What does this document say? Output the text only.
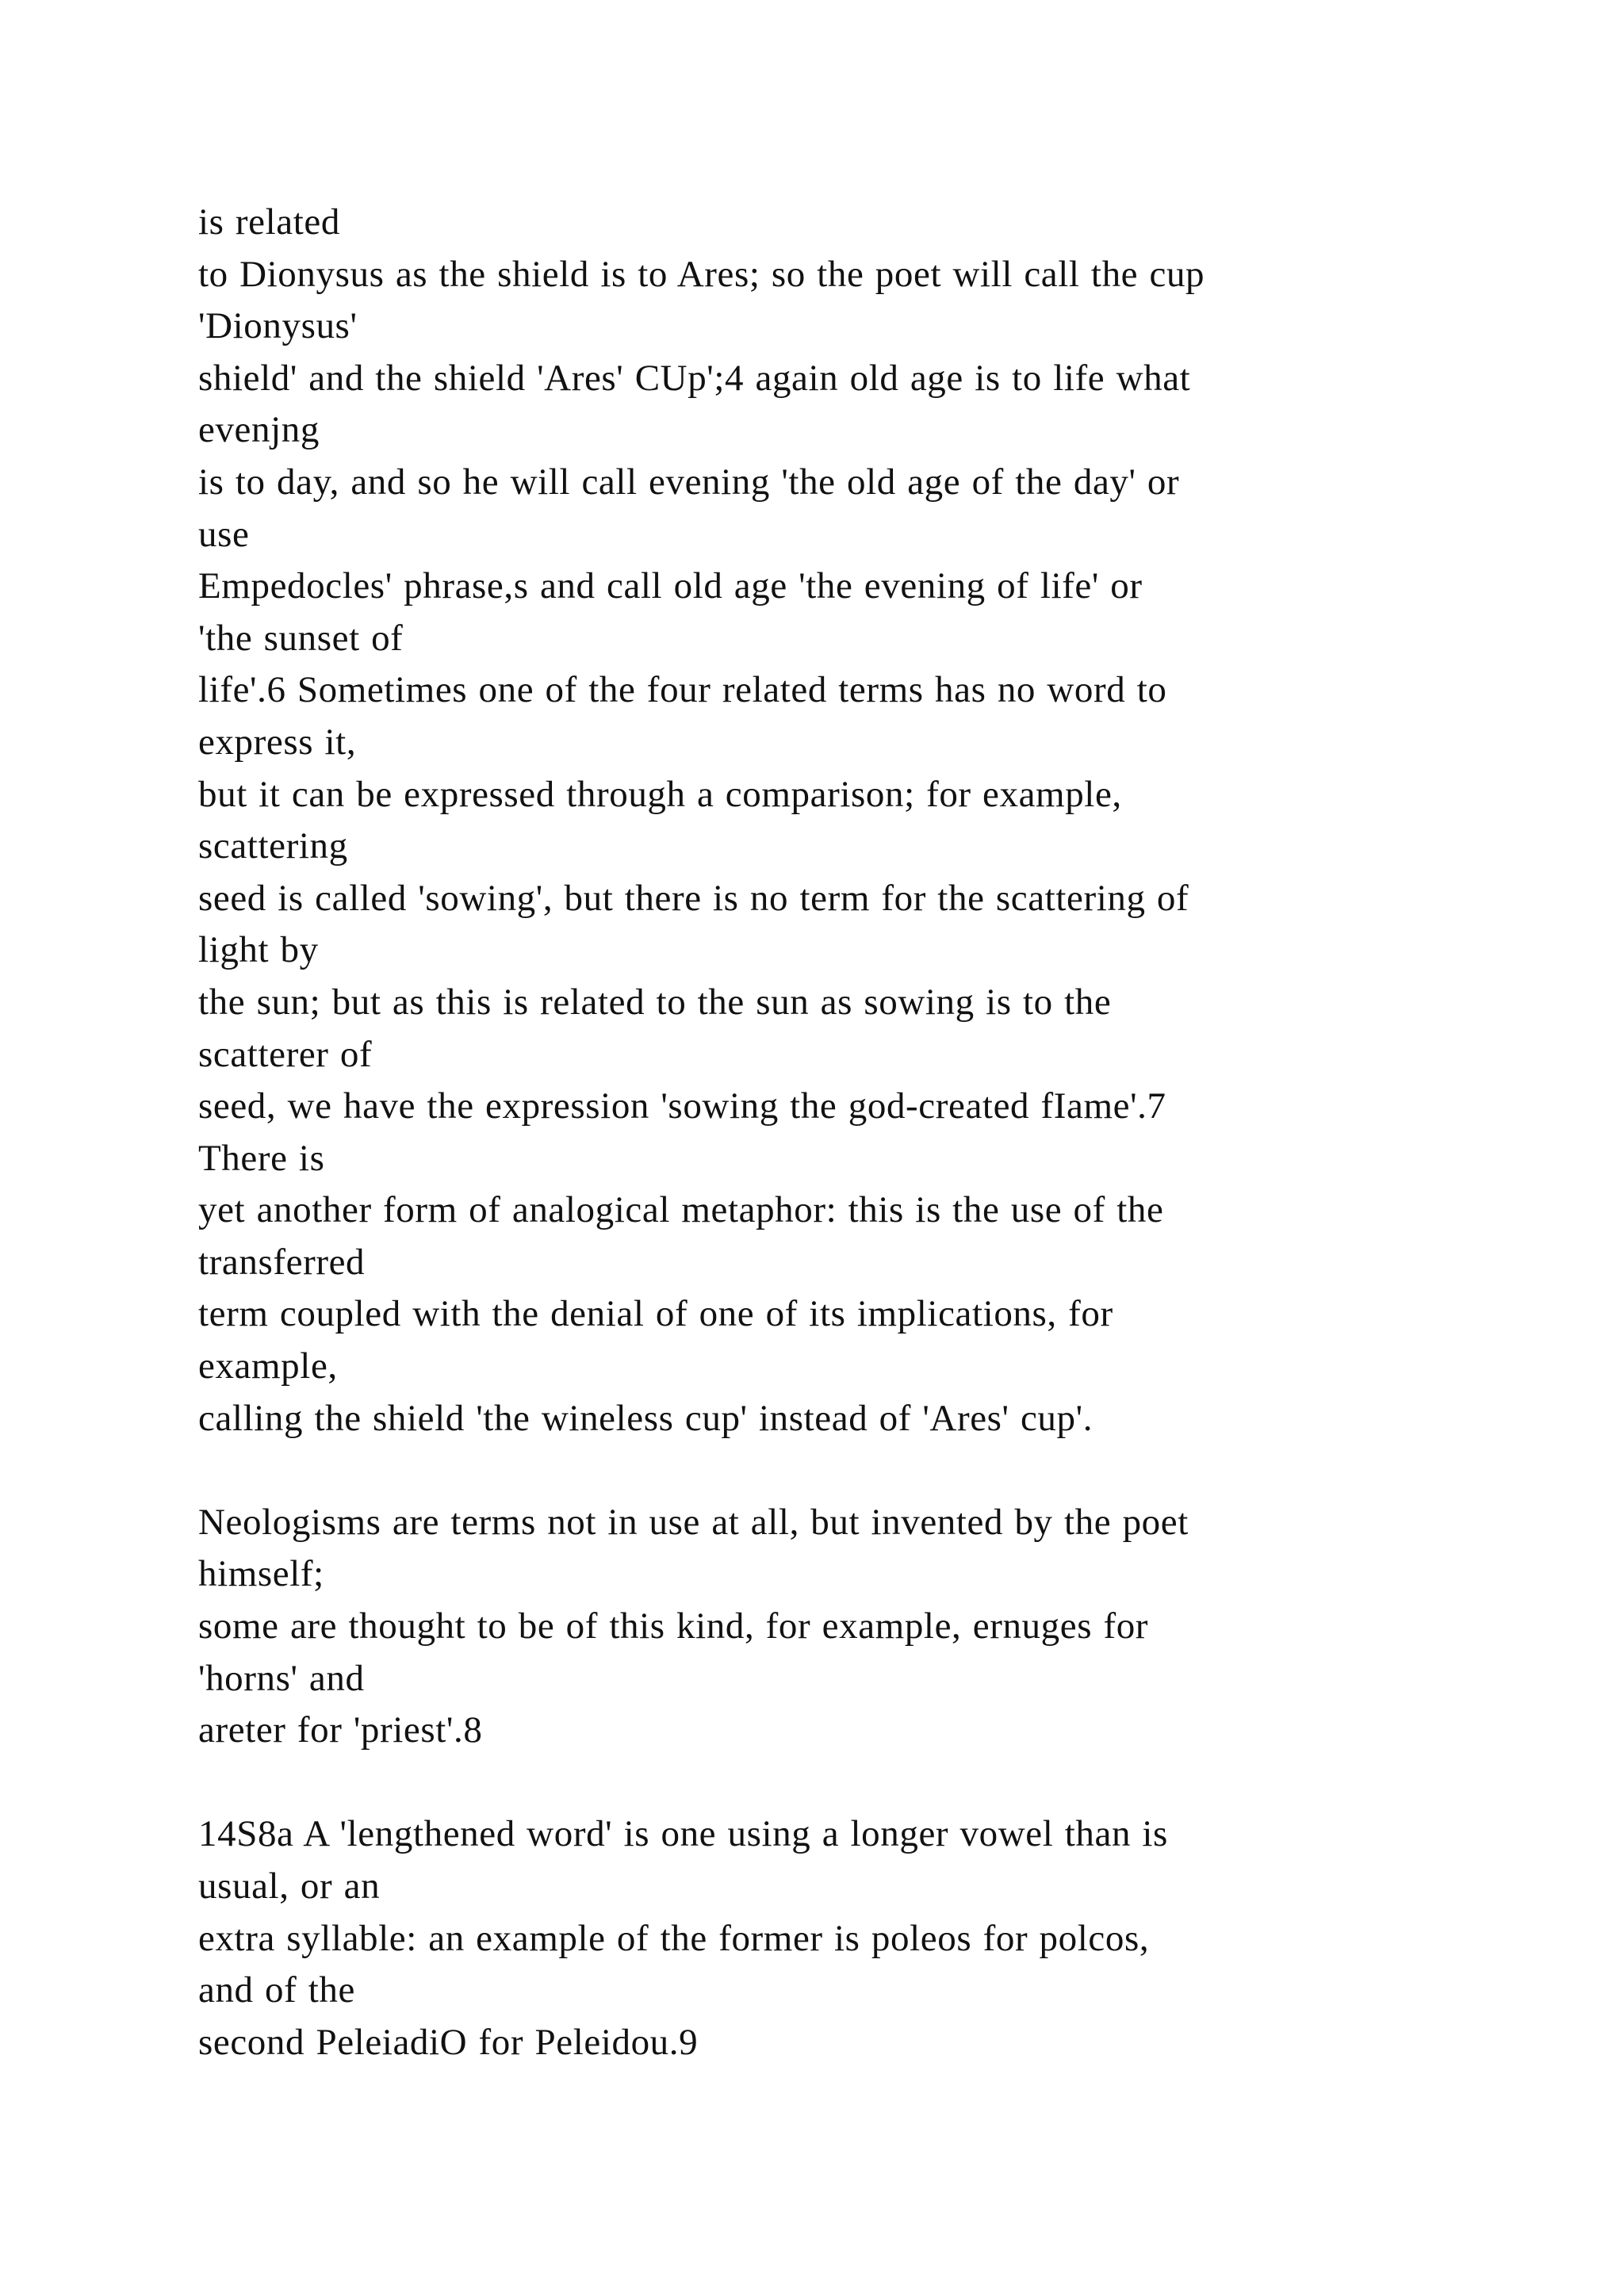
is related
to Dionysus as the shield is to Ares; so the poet will call the cup
'Dionysus'
shield' and the shield 'Ares' CUp';4 again old age is to life what
evenjng
is to day, and so he will call evening 'the old age of the day' or
use
Empedocles' phrase,s and call old age 'the evening of life' or
'the sunset of
life'.6 Sometimes one of the four related terms has no word to
express it,
but it can be expressed through a comparison; for example,
scattering
seed is called 'sowing', but there is no term for the scattering of
light by
the sun; but as this is related to the sun as sowing is to the
scatterer of
seed, we have the expression 'sowing the god-created fIame'.7
There is
yet another form of analogical metaphor: this is the use of the
transferred
term coupled with the denial of one of its implications, for
example,
calling the shield 'the wineless cup' instead of 'Ares' cup'.
Neologisms are terms not in use at all, but invented by the poet
himself;
some are thought to be of this kind, for example, ernuges for
'horns' and
areter for 'priest'.8
14S8a A 'lengthened word' is one using a longer vowel than is
usual, or an
extra syllable: an example of the former is poleos for polcos,
and of the
second PeleiadiO for Peleidou.9
